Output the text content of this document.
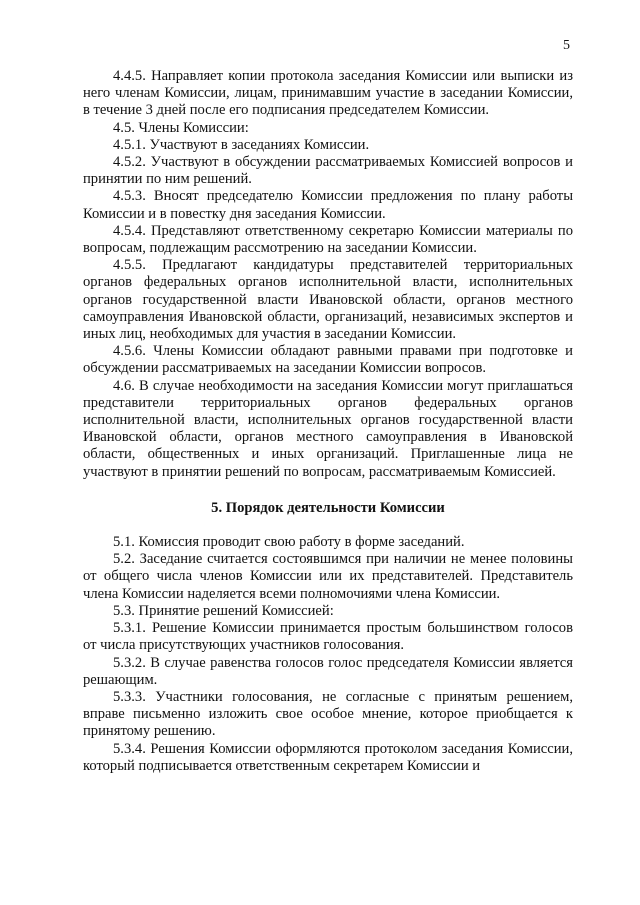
5

4.4.5. Направляет копии протокола заседания Комиссии или выписки из него членам Комиссии, лицам, принимавшим участие в заседании Комиссии, в течение 3 дней после его подписания председателем Комиссии.

4.5. Члены Комиссии:

4.5.1. Участвуют в заседаниях Комиссии.

4.5.2. Участвуют в обсуждении рассматриваемых Комиссией вопросов и принятии по ним решений.

4.5.3. Вносят председателю Комиссии предложения по плану работы Комиссии и в повестку дня заседания Комиссии.

4.5.4. Представляют ответственному секретарю Комиссии материалы по вопросам, подлежащим рассмотрению на заседании Комиссии.

4.5.5. Предлагают кандидатуры представителей территориальных органов федеральных органов исполнительной власти, исполнительных органов государственной власти Ивановской области, органов местного самоуправления Ивановской области, организаций, независимых экспертов и иных лиц, необходимых для участия в заседании Комиссии.

4.5.6. Члены Комиссии обладают равными правами при подготовке и обсуждении рассматриваемых на заседании Комиссии вопросов.

4.6. В случае необходимости на заседания Комиссии могут приглашаться представители территориальных органов федеральных органов исполнительной власти, исполнительных органов государственной власти Ивановской области, органов местного самоуправления в Ивановской области, общественных и иных организаций. Приглашенные лица не участвуют в принятии решений по вопросам, рассматриваемым Комиссией.

5. Порядок деятельности Комиссии

5.1. Комиссия проводит свою работу в форме заседаний.

5.2. Заседание считается состоявшимся при наличии не менее половины от общего числа членов Комиссии или их представителей. Представитель члена Комиссии наделяется всеми полномочиями члена Комиссии.

5.3. Принятие решений Комиссией:

5.3.1. Решение Комиссии принимается простым большинством голосов от числа присутствующих участников голосования.

5.3.2. В случае равенства голосов голос председателя Комиссии является решающим.

5.3.3. Участники голосования, не согласные с принятым решением, вправе письменно изложить свое особое мнение, которое приобщается к принятому решению.

5.3.4. Решения Комиссии оформляются протоколом заседания Комиссии, который подписывается ответственным секретарем Комиссии и
